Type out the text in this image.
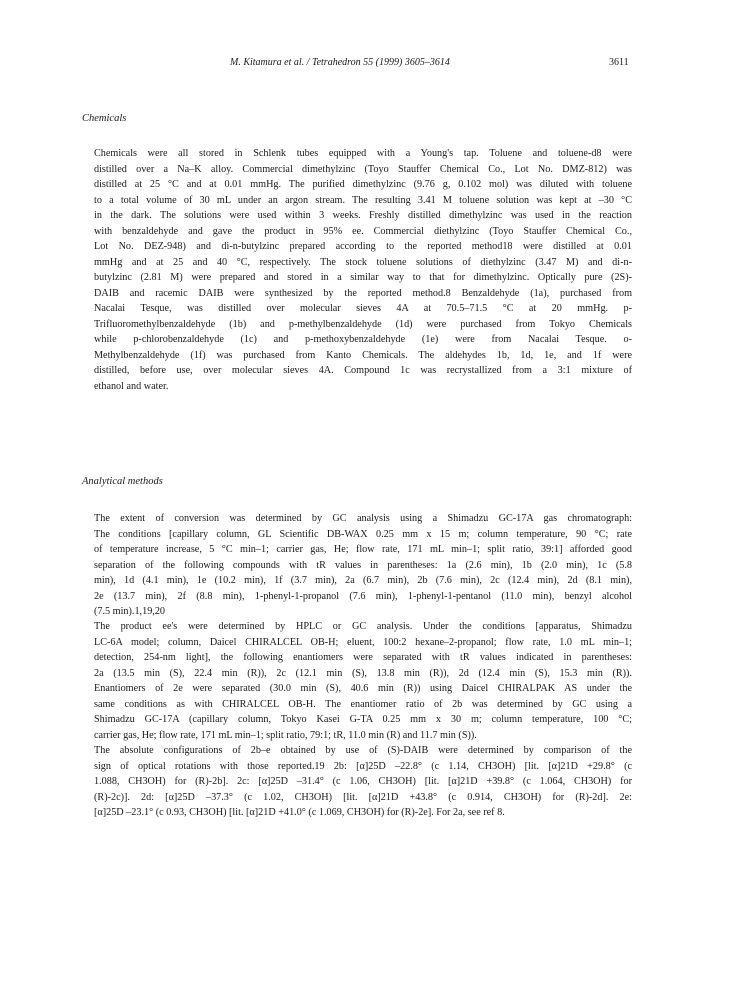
M. Kitamura et al. / Tetrahedron 55 (1999) 3605–3614	3611
Chemicals
Chemicals were all stored in Schlenk tubes equipped with a Young's tap. Toluene and toluene-d8 were
distilled over a Na–K alloy. Commercial dimethylzinc (Toyo Stauffer Chemical Co., Lot No. DMZ-812) was
distilled at 25 °C and at 0.01 mmHg. The purified dimethylzinc (9.76 g, 0.102 mol) was diluted with toluene
to a total volume of 30 mL under an argon stream. The resulting 3.41 M toluene solution was kept at –30 °C
in the dark. The solutions were used within 3 weeks. Freshly distilled dimethylzinc was used in the reaction
with benzaldehyde and gave the product in 95% ee. Commercial diethylzinc (Toyo Stauffer Chemical Co.,
Lot No. DEZ-948) and di-n-butylzinc prepared according to the reported method18 were distilled at 0.01
mmHg and at 25 and 40 °C, respectively. The stock toluene solutions of diethylzinc (3.47 M) and di-n-
butylzinc (2.81 M) were prepared and stored in a similar way to that for dimethylzinc. Optically pure (2S)-
DAIB and racemic DAIB were synthesized by the reported method.8 Benzaldehyde (1a), purchased from
Nacalai Tesque, was distilled over molecular sieves 4A at 70.5–71.5 °C at 20 mmHg. p-
Trifluoromethylbenzaldehyde (1b) and p-methylbenzaldehyde (1d) were purchased from Tokyo Chemicals
while p-chlorobenzaldehyde (1c) and p-methoxybenzaldehyde (1e) were from Nacalai Tesque. o-
Methylbenzaldehyde (1f) was purchased from Kanto Chemicals. The aldehydes 1b, 1d, 1e, and 1f were
distilled, before use, over molecular sieves 4A. Compound 1c was recrystallized from a 3:1 mixture of
ethanol and water.
Analytical methods
The extent of conversion was determined by GC analysis using a Shimadzu GC-17A gas chromatograph:
The conditions [capillary column, GL Scientific DB-WAX 0.25 mm x 15 m; column temperature, 90 °C; rate
of temperature increase, 5 °C min–1; carrier gas, He; flow rate, 171 mL min–1; split ratio, 39:1] afforded good
separation of the following compounds with tR values in parentheses: 1a (2.6 min), 1b (2.0 min), 1c (5.8
min), 1d (4.1 min), 1e (10.2 min), 1f (3.7 min), 2a (6.7 min), 2b (7.6 min), 2c (12.4 min), 2d (8.1 min),
2e (13.7 min), 2f (8.8 min), 1-phenyl-1-propanol (7.6 min), 1-phenyl-1-pentanol (11.0 min), benzyl alcohol
(7.5 min).1,19,20
The product ee's were determined by HPLC or GC analysis. Under the conditions [apparatus, Shimadzu
LC-6A model; column, Daicel CHIRALCEL OB-H; eluent, 100:2 hexane–2-propanol; flow rate, 1.0 mL min–1;
detection, 254-nm light], the following enantiomers were separated with tR values indicated in parentheses:
2a (13.5 min (S), 22.4 min (R)), 2c (12.1 min (S), 13.8 min (R)), 2d (12.4 min (S), 15.3 min (R)).
Enantiomers of 2e were separated (30.0 min (S), 40.6 min (R)) using Daicel CHIRALPAK AS under the
same conditions as with CHIRALCEL OB-H. The enantiomer ratio of 2b was determined by GC using a
Shimadzu GC-17A (capillary column, Tokyo Kasei G-TA 0.25 mm x 30 m; column temperature, 100 °C;
carrier gas, He; flow rate, 171 mL min–1; split ratio, 79:1; tR, 11.0 min (R) and 11.7 min (S)).
The absolute configurations of 2b–e obtained by use of (S)-DAIB were determined by comparison of the
sign of optical rotations with those reported.19 2b: [α]25D –22.8° (c 1.14, CH3OH) [lit. [α]21D +29.8° (c
1.088, CH3OH) for (R)-2b]. 2c: [α]25D –31.4° (c 1.06, CH3OH) [lit. [α]21D +39.8° (c 1.064, CH3OH) for
(R)-2c)]. 2d: [α]25D –37.3° (c 1.02, CH3OH) [lit. [α]21D +43.8° (c 0.914, CH3OH) for (R)-2d]. 2e:
[α]25D –23.1° (c 0.93, CH3OH) [lit. [α]21D +41.0° (c 1.069, CH3OH) for (R)-2e]. For 2a, see ref 8.
